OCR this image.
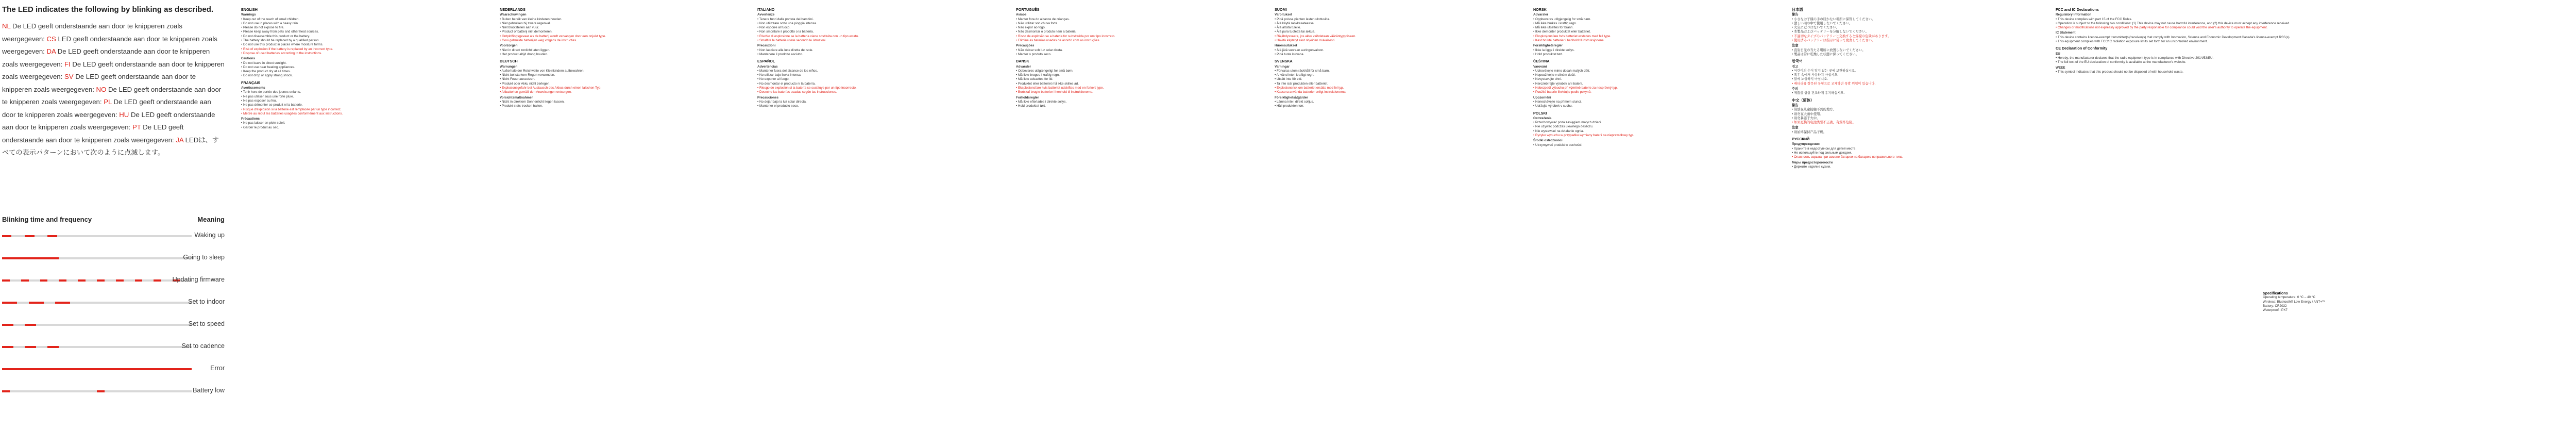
The LED indicates the following by blinking as described.
NL De LED geeft onderstaande aan door te knipperen zoals weergegeven: CS LED geeft onderstaande aan door te knipperen zoals weergegeven: DA De LED geeft onderstaande aan door te knipperen zoals weergegeven: FI De LED geeft onderstaande aan door te knipperen zoals weergegeven: SV De LED geeft onderstaande aan door te knipperen zoals weergegeven: NO De LED geeft onderstaande aan door te knipperen zoals weergegeven: PL De LED geeft onderstaande aan door te knipperen zoals weergegeven: HU De LED geeft onderstaande aan door te knipperen zoals weergegeven: PT De LED geeft onderstaande aan door te knipperen zoals weergegeven: JA LEDは、すべての表示パターンにおいて次のように点滅します。
Blinking time and frequency	Meaning
Waking up
Going to sleep
Updating firmware
Set to indoor
Set to speed
Set to cadence
Error
Battery low
ENGLISH
Warnings
• Keep out of the reach of small children.
• Do not use in places with a heavy rain.
• Please do not expose to fire.
• Please keep away from pets and other heat sources.
• Do not disassemble this product or the battery.
• The battery should be replaced by a qualified person.
• Do not use this product in places where moisture forms.
• Risk of explosion if the battery is replaced by an incorrect type.
• Dispose of used batteries according to the instructions.
Cautions
• Do not leave in direct sunlight.
• Do not use near heating appliances.
• Keep the product dry at all times.
• Do not drop or apply strong shock.
FRANÇAIS
Avertissements
• Tenir hors de portée des jeunes enfants.
• Ne pas utiliser sous une forte pluie.
• Ne pas exposer au feu.
• Ne pas démonter ce produit ni la batterie.
• Risque d'explosion si la batterie est remplacée par un type incorrect.
• Mettre au rebut les batteries usagées conformément aux instructions.
Précautions
• Ne pas laisser en plein soleil.
• Garder le produit au sec.
NEDERLANDS
Waarschuwingen
• Buiten bereik van kleine kinderen houden.
• Niet gebruiken bij zware regenval.
• Niet blootstellen aan vuur.
• Product of batterij niet demonteren.
• Ontploffingsgevaar als de batterij wordt vervangen door een onjuist type.
• Gooi gebruikte batterijen weg volgens de instructies.
Voorzorgen
• Niet in direct zonlicht laten liggen.
• Het product altijd droog houden.
DEUTSCH
Warnungen
• Außerhalb der Reichweite von Kleinkindern aufbewahren.
• Nicht bei starkem Regen verwenden.
• Nicht Feuer aussetzen.
• Produkt oder Akku nicht zerlegen.
• Explosionsgefahr bei Austausch des Akkus durch einen falschen Typ.
• Altbatterien gemäß den Anweisungen entsorgen.
Vorsichtsmaßnahmen
• Nicht in direktem Sonnenlicht liegen lassen.
• Produkt stets trocken halten.
ITALIANO
Avvertenze
• Tenere fuori dalla portata dei bambini.
• Non utilizzare sotto una pioggia intensa.
• Non esporre al fuoco.
• Non smontare il prodotto o la batteria.
• Rischio di esplosione se la batteria viene sostituita con un tipo errato.
• Smaltire le batterie usate secondo le istruzioni.
Precauzioni
• Non lasciare alla luce diretta del sole.
• Mantenere il prodotto asciutto.
ESPAÑOL
Advertencias
• Mantener fuera del alcance de los niños.
• No utilizar bajo lluvia intensa.
• No exponer al fuego.
• No desmontar el producto ni la batería.
• Riesgo de explosión si la batería se sustituye por un tipo incorrecto.
• Deseche las baterías usadas según las instrucciones.
Precauciones
• No dejar bajo la luz solar directa.
• Mantener el producto seco.
PORTUGUÊS
Avisos
• Manter fora do alcance de crianças.
• Não utilizar sob chuva forte.
• Não expor ao fogo.
• Não desmontar o produto nem a bateria.
• Risco de explosão se a bateria for substituída por um tipo incorreto.
• Elimine as baterias usadas de acordo com as instruções.
Precauções
• Não deixar sob luz solar direta.
• Manter o produto seco.
DANSK
Advarsler
• Opbevares utilgængeligt for små børn.
• Må ikke bruges i kraftig regn.
• Må ikke udsættes for ild.
• Produktet eller batteriet må ikke skilles ad.
• Eksplosionsfare hvis batteriet udskiftes med en forkert type.
• Bortskaf brugte batterier i henhold til instruktionerne.
Forholdsregler
• Må ikke efterlades i direkte sollys.
• Hold produktet tørt.
SUOMI
Varoitukset
• Pidä poissa pienten lasten ulottuvilta.
• Älä käytä rankkasateessa.
• Älä altista tulelle.
• Älä pura tuotetta tai akkua.
• Räjähdysvaara, jos akku vaihdetaan vääräntyyppiseen.
• Hävitä käytetyt akut ohjeiden mukaisesti.
Huomautukset
• Älä jätä suoraan auringonvaloon.
• Pidä tuote kuivana.
SVENSKA
Varningar
• Förvaras utom räckhåll för små barn.
• Använd inte i kraftigt regn.
• Utsätt inte för eld.
• Ta inte isär produkten eller batteriet.
• Explosionsrisk om batteriet ersätts med fel typ.
• Kassera använda batterier enligt instruktionerna.
Försiktighetsåtgärder
• Lämna inte i direkt solljus.
• Håll produkten torr.
NORSK
Advarsler
• Oppbevares utilgjengelig for små barn.
• Må ikke brukes i kraftig regn.
• Må ikke utsettes for brann.
• Ikke demonter produktet eller batteriet.
• Eksplosjonsfare hvis batteriet erstattes med feil type.
• Kast brukte batterier i henhold til instruksjonene.
Forsiktighetsregler
• Ikke la ligge i direkte sollys.
• Hold produktet tørt.
ČEŠTINA
Varování
• Uchovávejte mimo dosah malých dětí.
• Nepoužívejte v silném dešti.
• Nevystavujte ohni.
• Nerozebírejte výrobek ani baterii.
• Nebezpečí výbuchu při výměně baterie za nesprávný typ.
• Použité baterie likvidujte podle pokynů.
Upozornění
• Nenechávejte na přímém slunci.
• Udržujte výrobek v suchu.
POLSKI
Ostrzeżenia
• Przechowywać poza zasięgiem małych dzieci.
• Nie używać podczas ulewnego deszczu.
• Nie wystawiać na działanie ognia.
• Ryzyko wybuchu w przypadku wymiany baterii na nieprawidłowy typ.
Środki ostrożności
• Utrzymywać produkt w suchości.
日本語
警告
• 小さなお子様の手の届かない場所に保管してください。
• 激しい雨の中で使用しないでください。
• 火気に近づけないでください。
• 本製品およびバッテリーを分解しないでください。
• 不適切なタイプのバッテリーと交換すると爆発の危険があります。
• 使用済みバッテリーは指示に従って廃棄してください。
注意
• 直射日光の当たる場所に放置しないでください。
• 製品は常に乾燥した状態に保ってください。
한국어
경고
• 어린이의 손이 닿지 않는 곳에 보관하십시오.
• 폭우 속에서 사용하지 마십시오.
• 불에 노출하지 마십시오.
• 배터리를 잘못된 유형으로 교체하면 폭발 위험이 있습니다.
주의
• 제품을 항상 건조하게 유지하십시오.
中文（简体）
警告
• 请放在儿童接触不到的地方。
• 请勿在大雨中使用。
• 请勿暴露于火中。
• 如果更换的电池类型不正确，有爆炸危险。
注意
• 请始终保持产品干燥。
РУССКИЙ
Предупреждения
• Храните в недоступном для детей месте.
• Не используйте под сильным дождем.
• Опасность взрыва при замене батареи на батарею неправильного типа.
Меры предосторожности
• Держите изделие сухим.
FCC and IC Declarations
Regulatory Information
• This device complies with part 15 of the FCC Rules.
• Operation is subject to the following two conditions: (1) This device may not cause harmful interference, and (2) this device must accept any interference received.
• Changes or modifications not expressly approved by the party responsible for compliance could void the user's authority to operate the equipment.
IC Statement
• This device contains licence-exempt transmitter(s)/receiver(s) that comply with Innovation, Science and Economic Development Canada's licence-exempt RSS(s).
• This equipment complies with FCC/IC radiation exposure limits set forth for an uncontrolled environment.
CE Declaration of Conformity
EU
• Hereby, the manufacturer declares that the radio equipment type is in compliance with Directive 2014/53/EU.
• The full text of the EU declaration of conformity is available at the manufacturer's website.
WEEE
• This symbol indicates that this product should not be disposed of with household waste.
Specifications
Operating temperature: 0 °C – 40 °C
Wireless: Bluetooth® Low Energy / ANT+™
Battery: CR2032
Waterproof: IPX7
